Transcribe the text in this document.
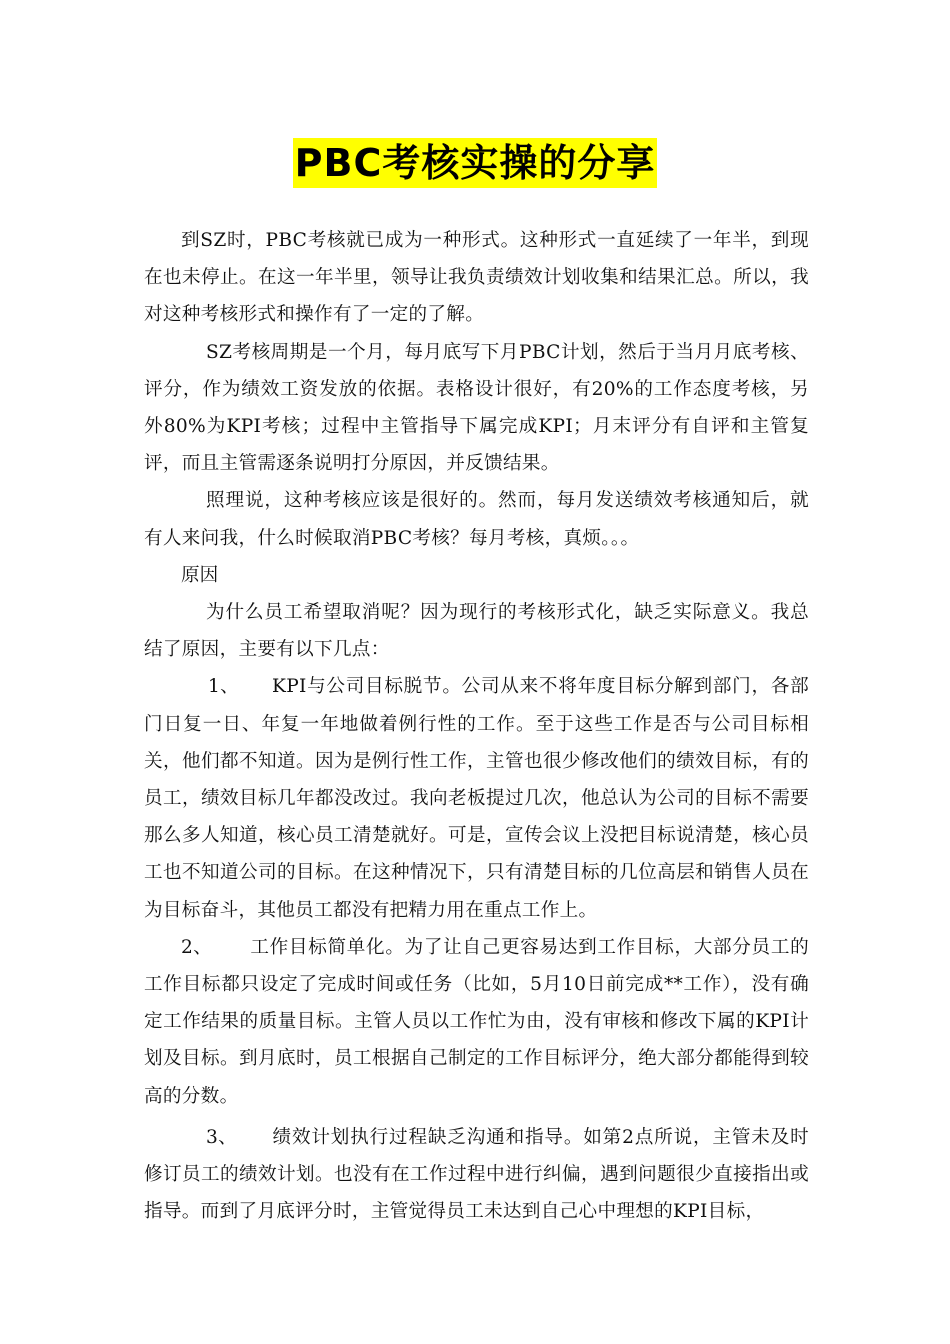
PBC考核实操的分享

到SZ时，PBC考核就已成为一种形式。这种形式一直延续了一年半，到现在也未停止。在这一年半里，领导让我负责绩效计划收集和结果汇总。所以，我对这种考核形式和操作有了一定的了解。

SZ考核周期是一个月，每月底写下月PBC计划，然后于当月月底考核、评分，作为绩效工资发放的依据。表格设计很好，有20%的工作态度考核，另外80%为KPI考核；过程中主管指导下属完成KPI；月末评分有自评和主管复评，而且主管需逐条说明打分原因，并反馈结果。

照理说，这种考核应该是很好的。然而，每月发送绩效考核通知后，就有人来问我，什么时候取消PBC考核？每月考核，真烦。。。

原因

为什么员工希望取消呢？因为现行的考核形式化，缺乏实际意义。我总结了原因，主要有以下几点：

1、 KPI与公司目标脱节。公司从来不将年度目标分解到部门，各部门日复一日、年复一年地做着例行性的工作。至于这些工作是否与公司目标相关，他们都不知道。因为是例行性工作，主管也很少修改他们的绩效目标，有的员工，绩效目标几年都没改过。我向老板提过几次，他总认为公司的目标不需要那么多人知道，核心员工清楚就好。可是，宣传会议上没把目标说清楚，核心员工也不知道公司的目标。在这种情况下，只有清楚目标的几位高层和销售人员在为目标奋斗，其他员工都没有把精力用在重点工作上。

2、 工作目标简单化。为了让自己更容易达到工作目标，大部分员工的工作目标都只设定了完成时间或任务（比如，5月10日前完成**工作），没有确定工作结果的质量目标。主管人员以工作忙为由，没有审核和修改下属的KPI计划及目标。到月底时，员工根据自己制定的工作目标评分，绝大部分都能得到较高的分数。

3、 绩效计划执行过程缺乏沟通和指导。如第2点所说，主管未及时修订员工的绩效计划。也没有在工作过程中进行纠偏，遇到问题很少直接指出或指导。而到了月底评分时，主管觉得员工未达到自己心中理想的KPI目标，
